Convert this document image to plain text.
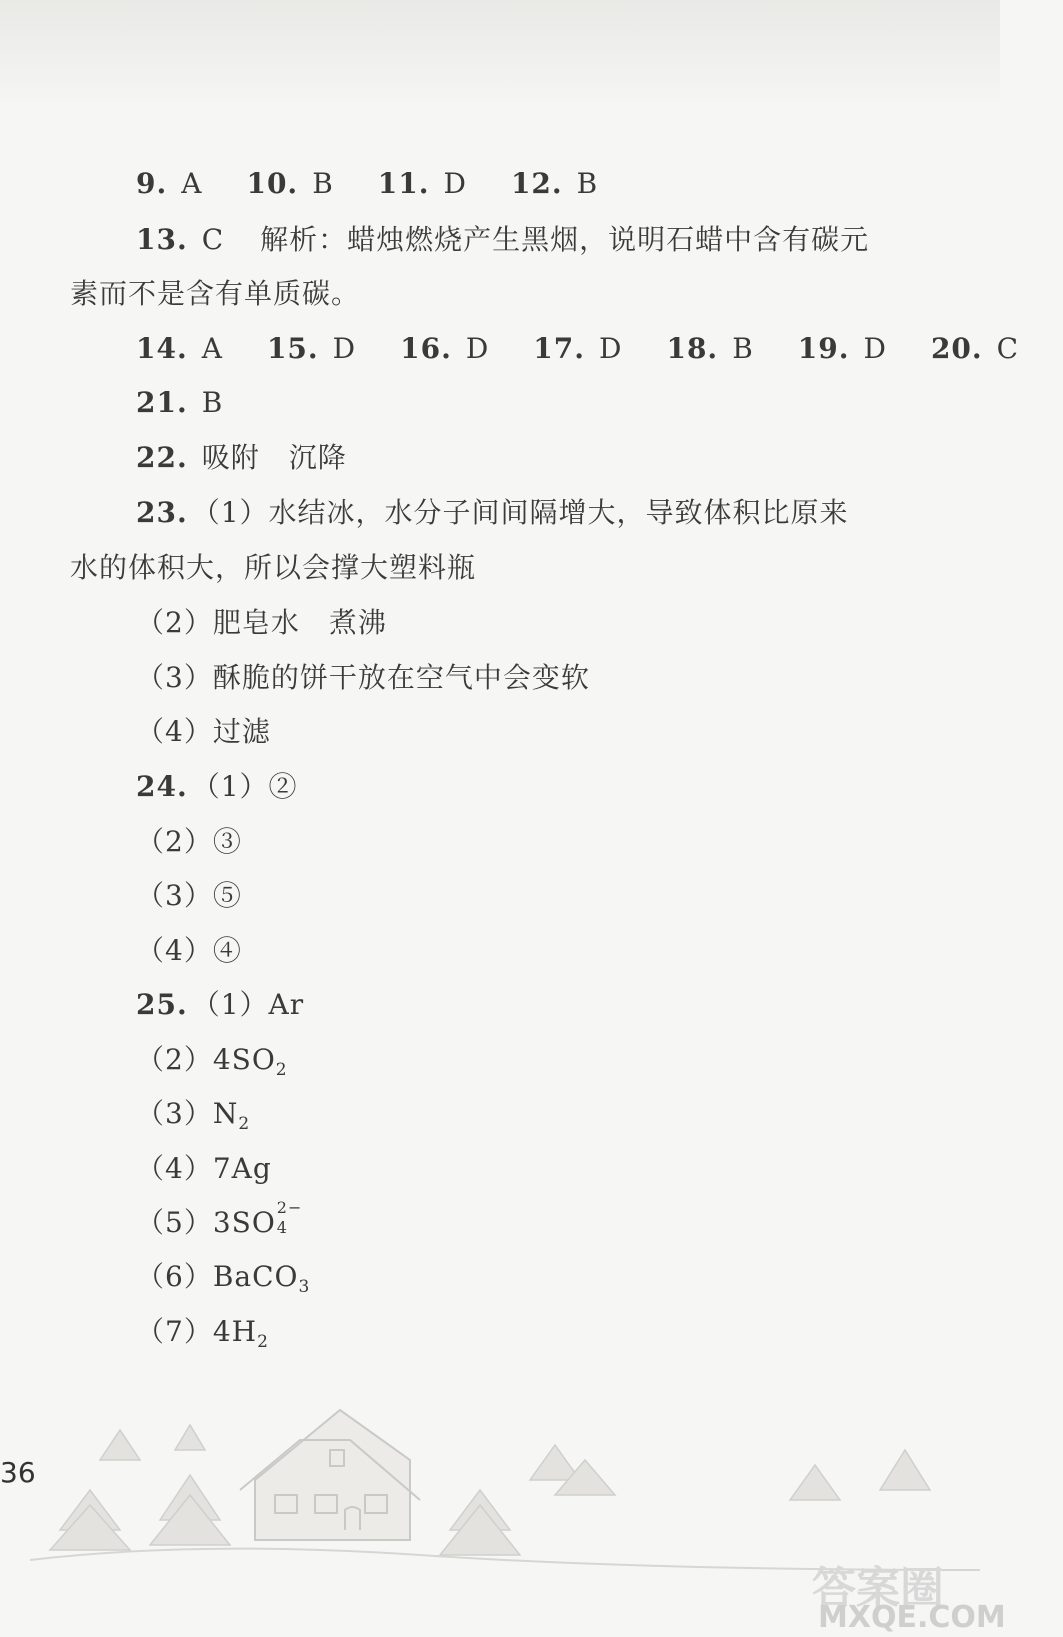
9. A 10. B 11. D 12. B
13. C 解析：蜡烛燃烧产生黑烟，说明石蜡中含有碳元
素而不是含有单质碳。
14. A 15. D 16. D 17. D 18. B 19. D 20. C
21. B
22. 吸附　沉降
23. （1）水结冰，水分子间间隔增大，导致体积比原来
水的体积大，所以会撑大塑料瓶
（2）肥皂水　煮沸
（3）酥脆的饼干放在空气中会变软
（4）过滤
24. （1）②
（2）③
（3）⑤
（4）④
25. （1）Ar
$(2)4SO_2$
$(3)N_2$
（4）7Ag
（5）3SO 2−
4
（6）BaCO$_3$
$(7)4H_2$
36
答案圈
MXQE.COM
